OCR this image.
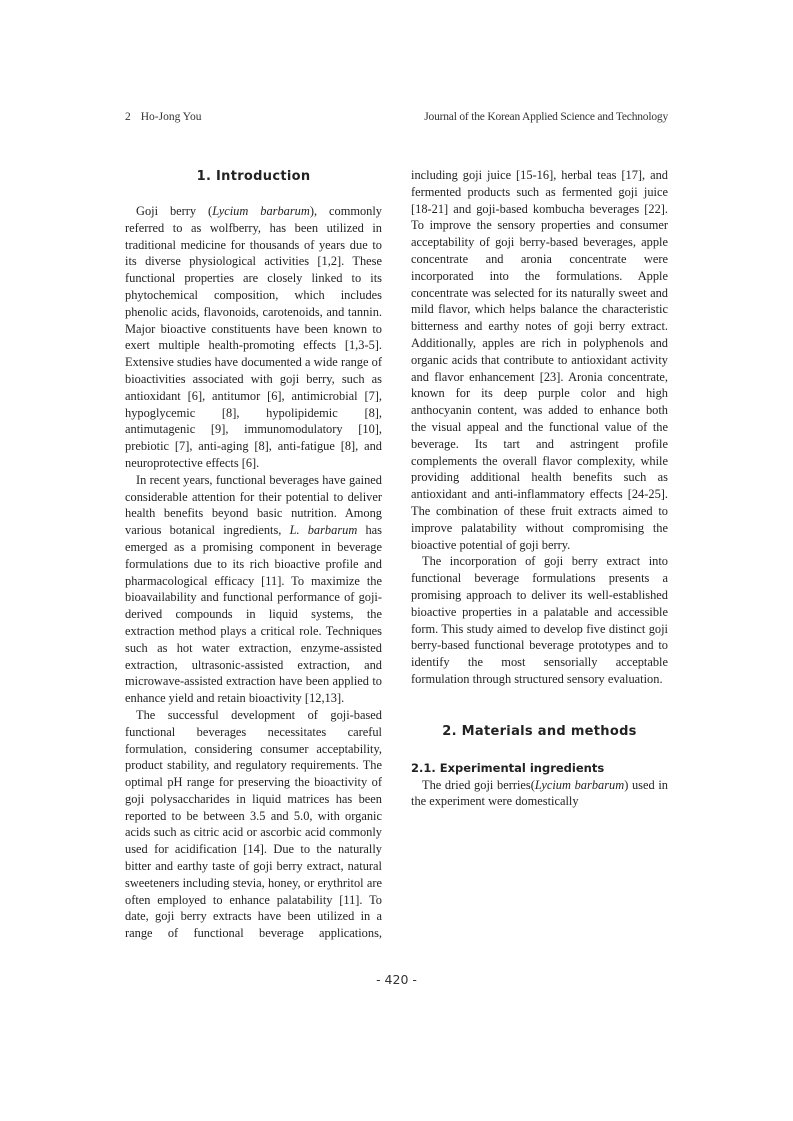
2 Ho-Jong You	Journal of the Korean Applied Science and Technology
1. Introduction

Goji berry (Lycium barbarum), commonly referred to as wolfberry, has been utilized in traditional medicine for thousands of years due to its diverse physiological activities [1,2]. These functional properties are closely linked to its phytochemical composition, which includes phenolic acids, flavonoids, carotenoids, and tannin. Major bioactive constituents have been known to exert multiple health-promoting effects [1,3-5]. Extensive studies have documented a wide range of bioactivities associated with goji berry, such as antioxidant [6], antitumor [6], antimicrobial [7], hypoglycemic [8], hypolipidemic [8], antimutagenic [9], immunomodulatory [10], prebiotic [7], anti-aging [8], anti-fatigue [8], and neuroprotective effects [6].

In recent years, functional beverages have gained considerable attention for their potential to deliver health benefits beyond basic nutrition. Among various botanical ingredients, L. barbarum has emerged as a promising component in beverage formulations due to its rich bioactive profile and pharmacological efficacy [11]. To maximize the bioavailability and functional performance of goji-derived compounds in liquid systems, the extraction method plays a critical role. Techniques such as hot water extraction, enzyme-assisted extraction, ultrasonic-assisted extraction, and microwave-assisted extraction have been applied to enhance yield and retain bioactivity [12,13].

The successful development of goji-based functional beverages necessitates careful formulation, considering consumer acceptability, product stability, and regulatory requirements. The optimal pH range for preserving the bioactivity of goji polysaccharides in liquid matrices has been reported to be between 3.5 and 5.0, with organic acids such as citric acid or ascorbic acid commonly used for acidification [14]. Due to the naturally bitter and earthy taste of goji berry extract, natural sweeteners including stevia, honey, or erythritol are often employed to enhance palatability [11]. To date, goji berry extracts have been utilized in a range of functional beverage applications,

including goji juice [15-16], herbal teas [17], and fermented products such as fermented goji juice [18-21] and goji-based kombucha beverages [22]. To improve the sensory properties and consumer acceptability of goji berry-based beverages, apple concentrate and aronia concentrate were incorporated into the formulations. Apple concentrate was selected for its naturally sweet and mild flavor, which helps balance the characteristic bitterness and earthy notes of goji berry extract. Additionally, apples are rich in polyphenols and organic acids that contribute to antioxidant activity and flavor enhancement [23]. Aronia concentrate, known for its deep purple color and high anthocyanin content, was added to enhance both the visual appeal and the functional value of the beverage. Its tart and astringent profile complements the overall flavor complexity, while providing additional health benefits such as antioxidant and anti-inflammatory effects [24-25]. The combination of these fruit extracts aimed to improve palatability without compromising the bioactive potential of goji berry.

The incorporation of goji berry extract into functional beverage formulations presents a promising approach to deliver its well-established bioactive properties in a palatable and accessible form. This study aimed to develop five distinct goji berry-based functional beverage prototypes and to identify the most sensorially acceptable formulation through structured sensory evaluation.

2. Materials and methods
2.1. Experimental ingredients

The dried goji berries(Lycium barbarum) used in the experiment were domestically

- 420 -
